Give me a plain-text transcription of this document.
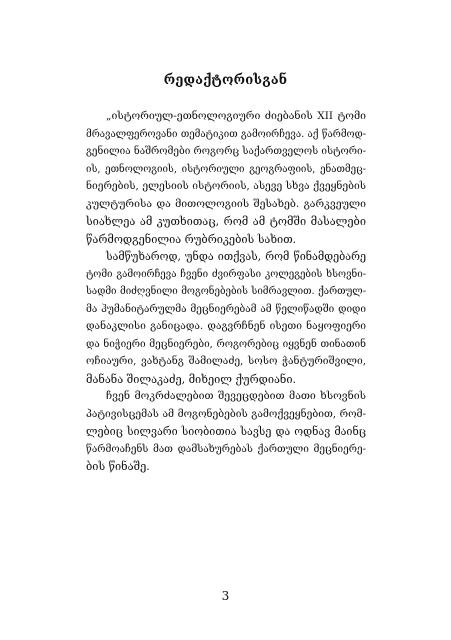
რედაქტორისგან
„ისტორიულ-ეთნოლოგიური ძიებანის XII ტომი
მრავალფეროვანი თემატიკით გამოირჩევა. აქ წარმოდ-
გენილია ნაშრომები როგორც საქართველოს ისტორი-
ის, ეთნოლოგიის, ისტორიული გეოგრაფიის, ენათმეც-
ნიერების, ელესიის ისტორიის, ასევე სხვა ქვეყნების
კულტურისა და მითოლოგიის შესახებ. გარკვეული
სიახლეა ამ კუთხითაც, რომ ამ ტომში მასალები
წარმოდგენილია რუბრიკების სახით.
სამწუხაროდ, უნდა ითქვას, რომ წინამდებარე
ტომი გამოირჩევა ჩვენი ძვირფასი კოლეგების ხსოვნი-
სადმი მიძღვნილი მოგონებების სიმრავლით. ქართულ-
მა ჰუმანიტარულმა მეცნიერებამ ამ წელიწადში დიდი
დანაკლისი განიცადა. დაგვრჩნენ ისეთი ნაყოფიერი
და ნიჭიერი მეცნიერები, როგორებიც იყვნენ თინათინ
ოჩიაური, ვახტანგ შამილაძე, სოსო ჭანტურიშვილი,
მანანა შილაკაძე, მიხეილ ქურდიანი.
ჩვენ მოკრძალებით შევეცდებით მათი ხსოვნის
პატივისცემას ამ მოგონებების გამოქვეყნებით, რომ-
ლებიც სილვარი სიობითია სავსე და ოდნავ მაინც
წარმოაჩენს მათ დამსახურებას ქართული მეცნიერე-
ბის წინაშე.
3
